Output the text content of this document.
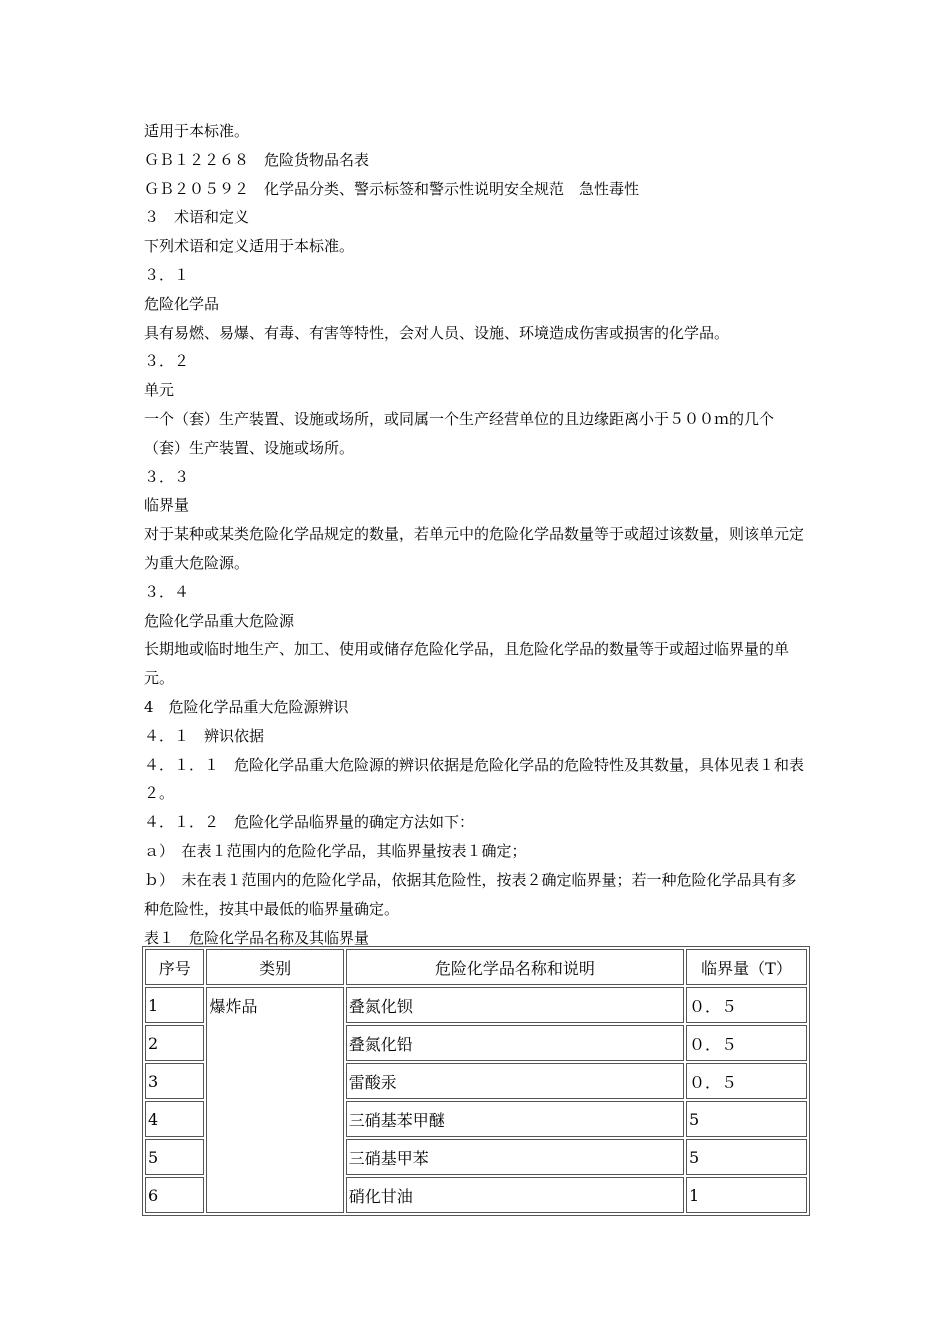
适用于本标准。

ＧＢ１２２６８　危险货物品名表

ＧＢ２０５９２　化学品分类、警示标签和警示性说明安全规范　急性毒性

３　术语和定义

下列术语和定义适用于本标准。

３．１

危险化学品

具有易燃、易爆、有毒、有害等特性，会对人员、设施、环境造成伤害或损害的化学品。

３．２

单元

一个（套）生产装置、设施或场所，或同属一个生产经营单位的且边缘距离小于５００ｍ的几个（套）生产装置、设施或场所。

３．３

临界量

对于某种或某类危险化学品规定的数量，若单元中的危险化学品数量等于或超过该数量，则该单元定为重大危险源。

３．４

危险化学品重大危险源

长期地或临时地生产、加工、使用或储存危险化学品，且危险化学品的数量等于或超过临界量的单元。

4　危险化学品重大危险源辨识

４．１　辨识依据

４．１．１　危险化学品重大危险源的辨识依据是危险化学品的危险特性及其数量，具体见表１和表２。

４．１．２　危险化学品临界量的确定方法如下：

ａ）　在表１范围内的危险化学品，其临界量按表１确定；

ｂ）　未在表１范围内的危险化学品，依据其危险性，按表２确定临界量；若一种危险化学品具有多种危险性，按其中最低的临界量确定。

表１　危险化学品名称及其临界量
序号	类别	危险化学品名称和说明	临界量（T）
1	爆炸品	叠氮化钡	０．５
2		叠氮化铅	０．５
3		雷酸汞	０．５
4		三硝基苯甲醚	5
5		三硝基甲苯	5
6		硝化甘油	1
